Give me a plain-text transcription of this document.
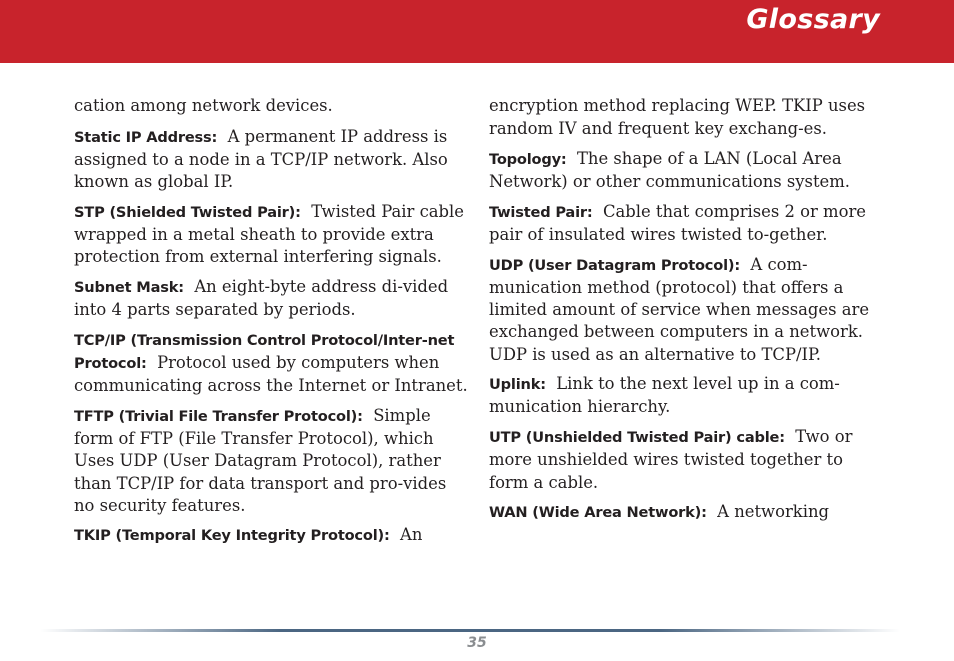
Glossary

cation among network devices.

Static IP Address: A permanent IP address is assigned to a node in a TCP/IP network. Also known as global IP.

STP (Shielded Twisted Pair): Twisted Pair cable wrapped in a metal sheath to provide extra protection from external interfering signals.

Subnet Mask: An eight-byte address di-vided into 4 parts separated by periods.

TCP/IP (Transmission Control Protocol/Inter-net Protocol: Protocol used by computers when communicating across the Internet or Intranet.

TFTP (Trivial File Transfer Protocol): Simple form of FTP (File Transfer Protocol), which Uses UDP (User Datagram Protocol), rather than TCP/IP for data transport and pro-vides no security features.

TKIP (Temporal Key Integrity Protocol): An

encryption method replacing WEP. TKIP uses random IV and frequent key exchang-es.

Topology: The shape of a LAN (Local Area Network) or other communications system.

Twisted Pair: Cable that comprises 2 or more pair of insulated wires twisted to-gether.

UDP (User Datagram Protocol): A com-munication method (protocol) that offers a limited amount of service when messages are exchanged between computers in a network. UDP is used as an alternative to TCP/IP.

Uplink: Link to the next level up in a com-munication hierarchy.

UTP (Unshielded Twisted Pair) cable: Two or more unshielded wires twisted together to form a cable.

WAN (Wide Area Network): A networking

35
